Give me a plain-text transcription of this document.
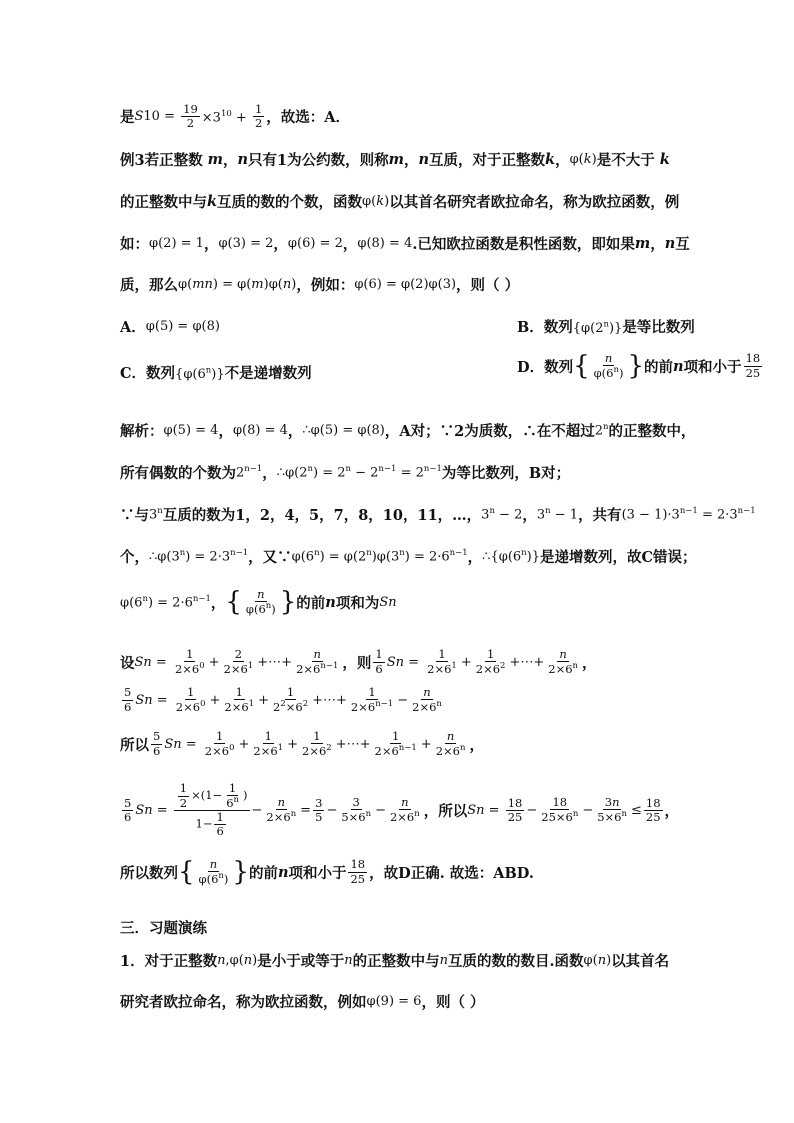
是 S $10 = \frac{19}{2} \times 3^{10} + \frac{1}{2}$ ，故选：A．
例3若正整数 m ， n 只有1为公约数，则称 m ， n 互质，对于正整数 k ， φ( k ) 是不大于 k
的正整数中与 k 互质的数的个数，函数 φ( k ) 以其首名研究者欧拉命名，称为欧拉函数，例
如： φ(2) = 1 ， φ(3) = 2 ， φ(6) = 2 ， φ(8) = 4 .已知欧拉函数是积性函数，即如果 m ， n 互
质，那么 φ( mn ) = φ( m )φ( n ) ，例如： φ(6) = φ(2)φ(3) ，则（ ）
A． φ(5) = φ(8)	B．数列{φ(2$^n$)}是等比数列
C．数列{φ(6$^n$)}不是递增数列	D．数列 { $\frac{n}{\varphi(6^n)}$ } 的前 n 项和小于 $\frac{18}{25}$
解析： φ(5) = 4 ， φ(8) = 4 ， ∴φ(5) = φ(8) ，A对；∵2为质数，∴在不超过 2$^n$ 的正整数中，
所有偶数的个数为 $2^{n-1}$ ， $\therefore\varphi(2^n) = 2^n - 2^{n-1} = 2^{n-1}$ 为等比数列，B对；
∵与 3$^n$ 互质的数为1，2，4，5，7，8，10，11，…， $3^n - 2$ ， $3^n - 1$ ，共有 $(3 - 1)\cdot 3^{n-1} = 2\cdot 3^{n-1}$
个， $\therefore\varphi(3^n) = 2\cdot 3^{n-1}$ ，又∵ $\varphi(6^n) = \varphi(2^n)\varphi(3^n) = 2\cdot 6^{n-1}$ ， ∴{φ(6$^n$)} 是递增数列，故C错误；
$\varphi(6^n) = 2\cdot 6^{n-1}$ ， { $\frac{n}{\varphi(6^n)}$ } 的前 n 项和为 S n
设 S $n = \frac{1}{2\times 6^0} + \frac{2}{2\times 6^1}$ +⋯+ $\frac{n}{2\times 6^{n-1}}$ ，则 $\frac{1}{6}$ S $n = \frac{1}{2\times 6^1} + \frac{1}{2\times 6^2}$ +⋯+ $\frac{n}{2\times 6^n}$ ，
$\frac{5}{6}$ S $n = \frac{1}{2\times 6^0} + \frac{1}{2\times 6^1} + \frac{1}{2^2\times 6^2}$ +⋯+ $\frac{1}{2\times 6^{n-1}} - \frac{n}{2\times 6^n}$
所以 $\frac{5}{6}$ S $n = \frac{1}{2\times 6^0} + \frac{1}{2\times 6^1} + \frac{1}{2\times 6^2}$ +⋯+ $\frac{1}{2\times 6^{n-1}} + \frac{n}{2\times 6^n}$ ，
$\frac{5}{6}$ S $n = \frac{\frac{1}{2} \times(1- \frac{1}{6^n} )}{1- \frac{1}{6}} - \frac{n}{2\times 6^n} = \frac{3}{5} - \frac{3}{5\times 6^n} - \frac{n}{2\times 6^n}$ ，所以 S $n = \frac{18}{25} - \frac{18}{25\times 6^n} - \frac{3n}{5\times 6^n} \le \frac{18}{25}$ ，
所以数列 { $\frac{n}{\varphi(6^n)}$ } 的前 n 项和小于 $\frac{18}{25}$ ，故D正确. 故选：ABD.
三．习题演练
1．对于正整数 n ,φ( n ) 是小于或等于 n 的正整数中与 n 互质的数的数目.函数 φ( n ) 以其首名
研究者欧拉命名，称为欧拉函数，例如 φ(9) = 6 ，则（ ）
